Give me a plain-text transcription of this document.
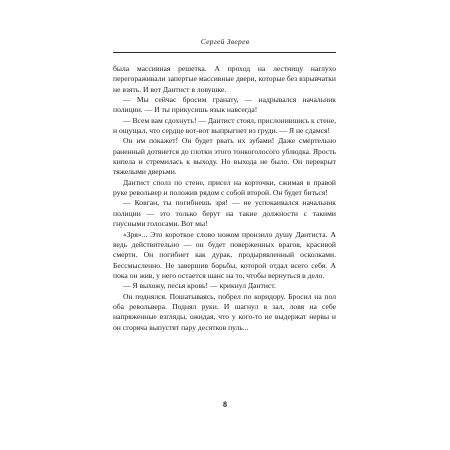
Сергей Зверев

была массивная решетка. А проход на лестницу наглухо перегораживали запертые массивные двери, которые без взрывчатки не взять. И вот Дантист в ловушке.

— Мы сейчас бросим гранату, — надрывался начальник полиции. — И ты прикусишь язык навсегда!

— Всем вам сдохнуть! — Дантист стоял, прислонившись к стене, и ощущал, что сердце вот-вот выпрыгнет из груди. — Я не сдамся!

Он им покажет! Он будет рвать их зубами! Даже смертельно раненный дотянется до глотки этого тонкоголосого ублюдка. Ярость кипела и стремилась к выходу. Но выхода не было. Он перекрыт тяжелыми дверьми.

Дантист сполз по стене, присел на корточки, сжимая в правой руке револьвер и положив рядом с собой второй. Он будет биться!

— Ковган, ты погибнешь зря! — не успокаивался начальник полиции — это только берут на такие должности с такими гнусными голосами. Вот мы!

«Зря»... Это короткое слово ножом пронзило душу Дантиста. А ведь действительно — он будет поверженных врагов, красивой смерти. Он погибнет как дурак, продырявленный осколками. Бессмысленно. Не завершив борьбы, которой отдал всего себя. А пока он жив, у него остается шанс на то, чтобы вернуться в дело.

— Я выхожу, песья кровь! — крикнул Дантист.

Он поднялся. Пошатываясь, побрел по коридору. Бросил на пол оба револьвера. Поднял руки. И шагнул в зал, ловя на себе напряженные взгляды, ожидая, что у кого-то не выдержат нервы и он сгоряча выпустят пару десятков пуль...

8
